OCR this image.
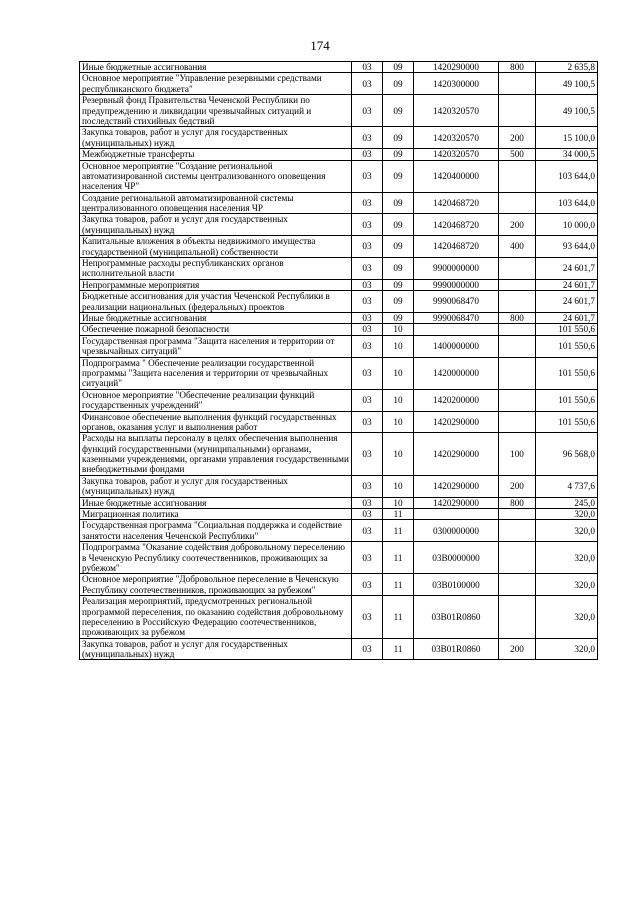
174
Иные бюджетные ассигнования	03	09	1420290000	800	2 635,8
Основное мероприятие "Управление резервными средствами республиканского бюджета"	03	09	1420300000		49 100,5
Резервный фонд Правительства Чеченской Республики по предупреждению и ликвидации чрезвычайных ситуаций и последствий стихийных бедствий	03	09	1420320570		49 100,5
Закупка товаров, работ и услуг для государственных (муниципальных) нужд	03	09	1420320570	200	15 100,0
Межбюджетные трансферты	03	09	1420320570	500	34 000,5
Основное мероприятие "Создание региональной автоматизированной системы централизованного оповещения населения ЧР"	03	09	1420400000		103 644,0
Создание региональной автоматизированной системы централизованного оповещения населения ЧР	03	09	1420468720		103 644,0
Закупка товаров, работ и услуг для государственных (муниципальных) нужд	03	09	1420468720	200	10 000,0
Капитальные вложения в объекты недвижимого имущества государственной (муниципальной) собственности	03	09	1420468720	400	93 644,0
Непрограммные расходы республиканских органов исполнительной власти	03	09	9900000000		24 601,7
Непрограммные мероприятия	03	09	9990000000		24 601,7
Бюджетные ассигнования для участия Чеченской Республики в реализации национальных (федеральных) проектов	03	09	9990068470		24 601,7
Иные бюджетные ассигнования	03	09	9990068470	800	24 601,7
Обеспечение пожарной безопасности	03	10			101 550,6
Государственная программа "Защита населения и территории от чрезвычайных ситуаций"	03	10	1400000000		101 550,6
Подпрограмма " Обеспечение реализации государственной программы "Защита населения и территории от чрезвычайных ситуаций"	03	10	1420000000		101 550,6
Основное мероприятие "Обеспечение реализации функций государственных учреждений"	03	10	1420200000		101 550,6
Финансовое обеспечение выполнения функций государственных органов, оказания услуг и выполнения работ	03	10	1420290000		101 550,6
Расходы на выплаты персоналу в целях обеспечения выполнения функций государственными (муниципальными) органами, казенными учреждениями, органами управления государственными внебюджетными фондами	03	10	1420290000	100	96 568,0
Закупка товаров, работ и услуг для государственных (муниципальных) нужд	03	10	1420290000	200	4 737,6
Иные бюджетные ассигнования	03	10	1420290000	800	245,0
Миграционная политика	03	11			320,0
Государственная программа "Социальная поддержка и содействие занятости населения Чеченской Республики"	03	11	0300000000		320,0
Подпрограмма "Оказание содействия добровольному переселению в Чеченскую Республику соотечественников, проживающих за рубежом"	03	11	03В0000000		320,0
Основное мероприятие "Добровольное переселение в Чеченскую Республику соотечественников, проживающих за рубежом"	03	11	03В0100000		320,0
Реализация мероприятий, предусмотренных региональной программой переселения, по оказанию содействия добровольному переселению в Российскую Федерацию соотечественников, проживающих за рубежом	03	11	03В01R0860		320,0
Закупка товаров, работ и услуг для государственных (муниципальных) нужд	03	11	03В01R0860	200	320,0
